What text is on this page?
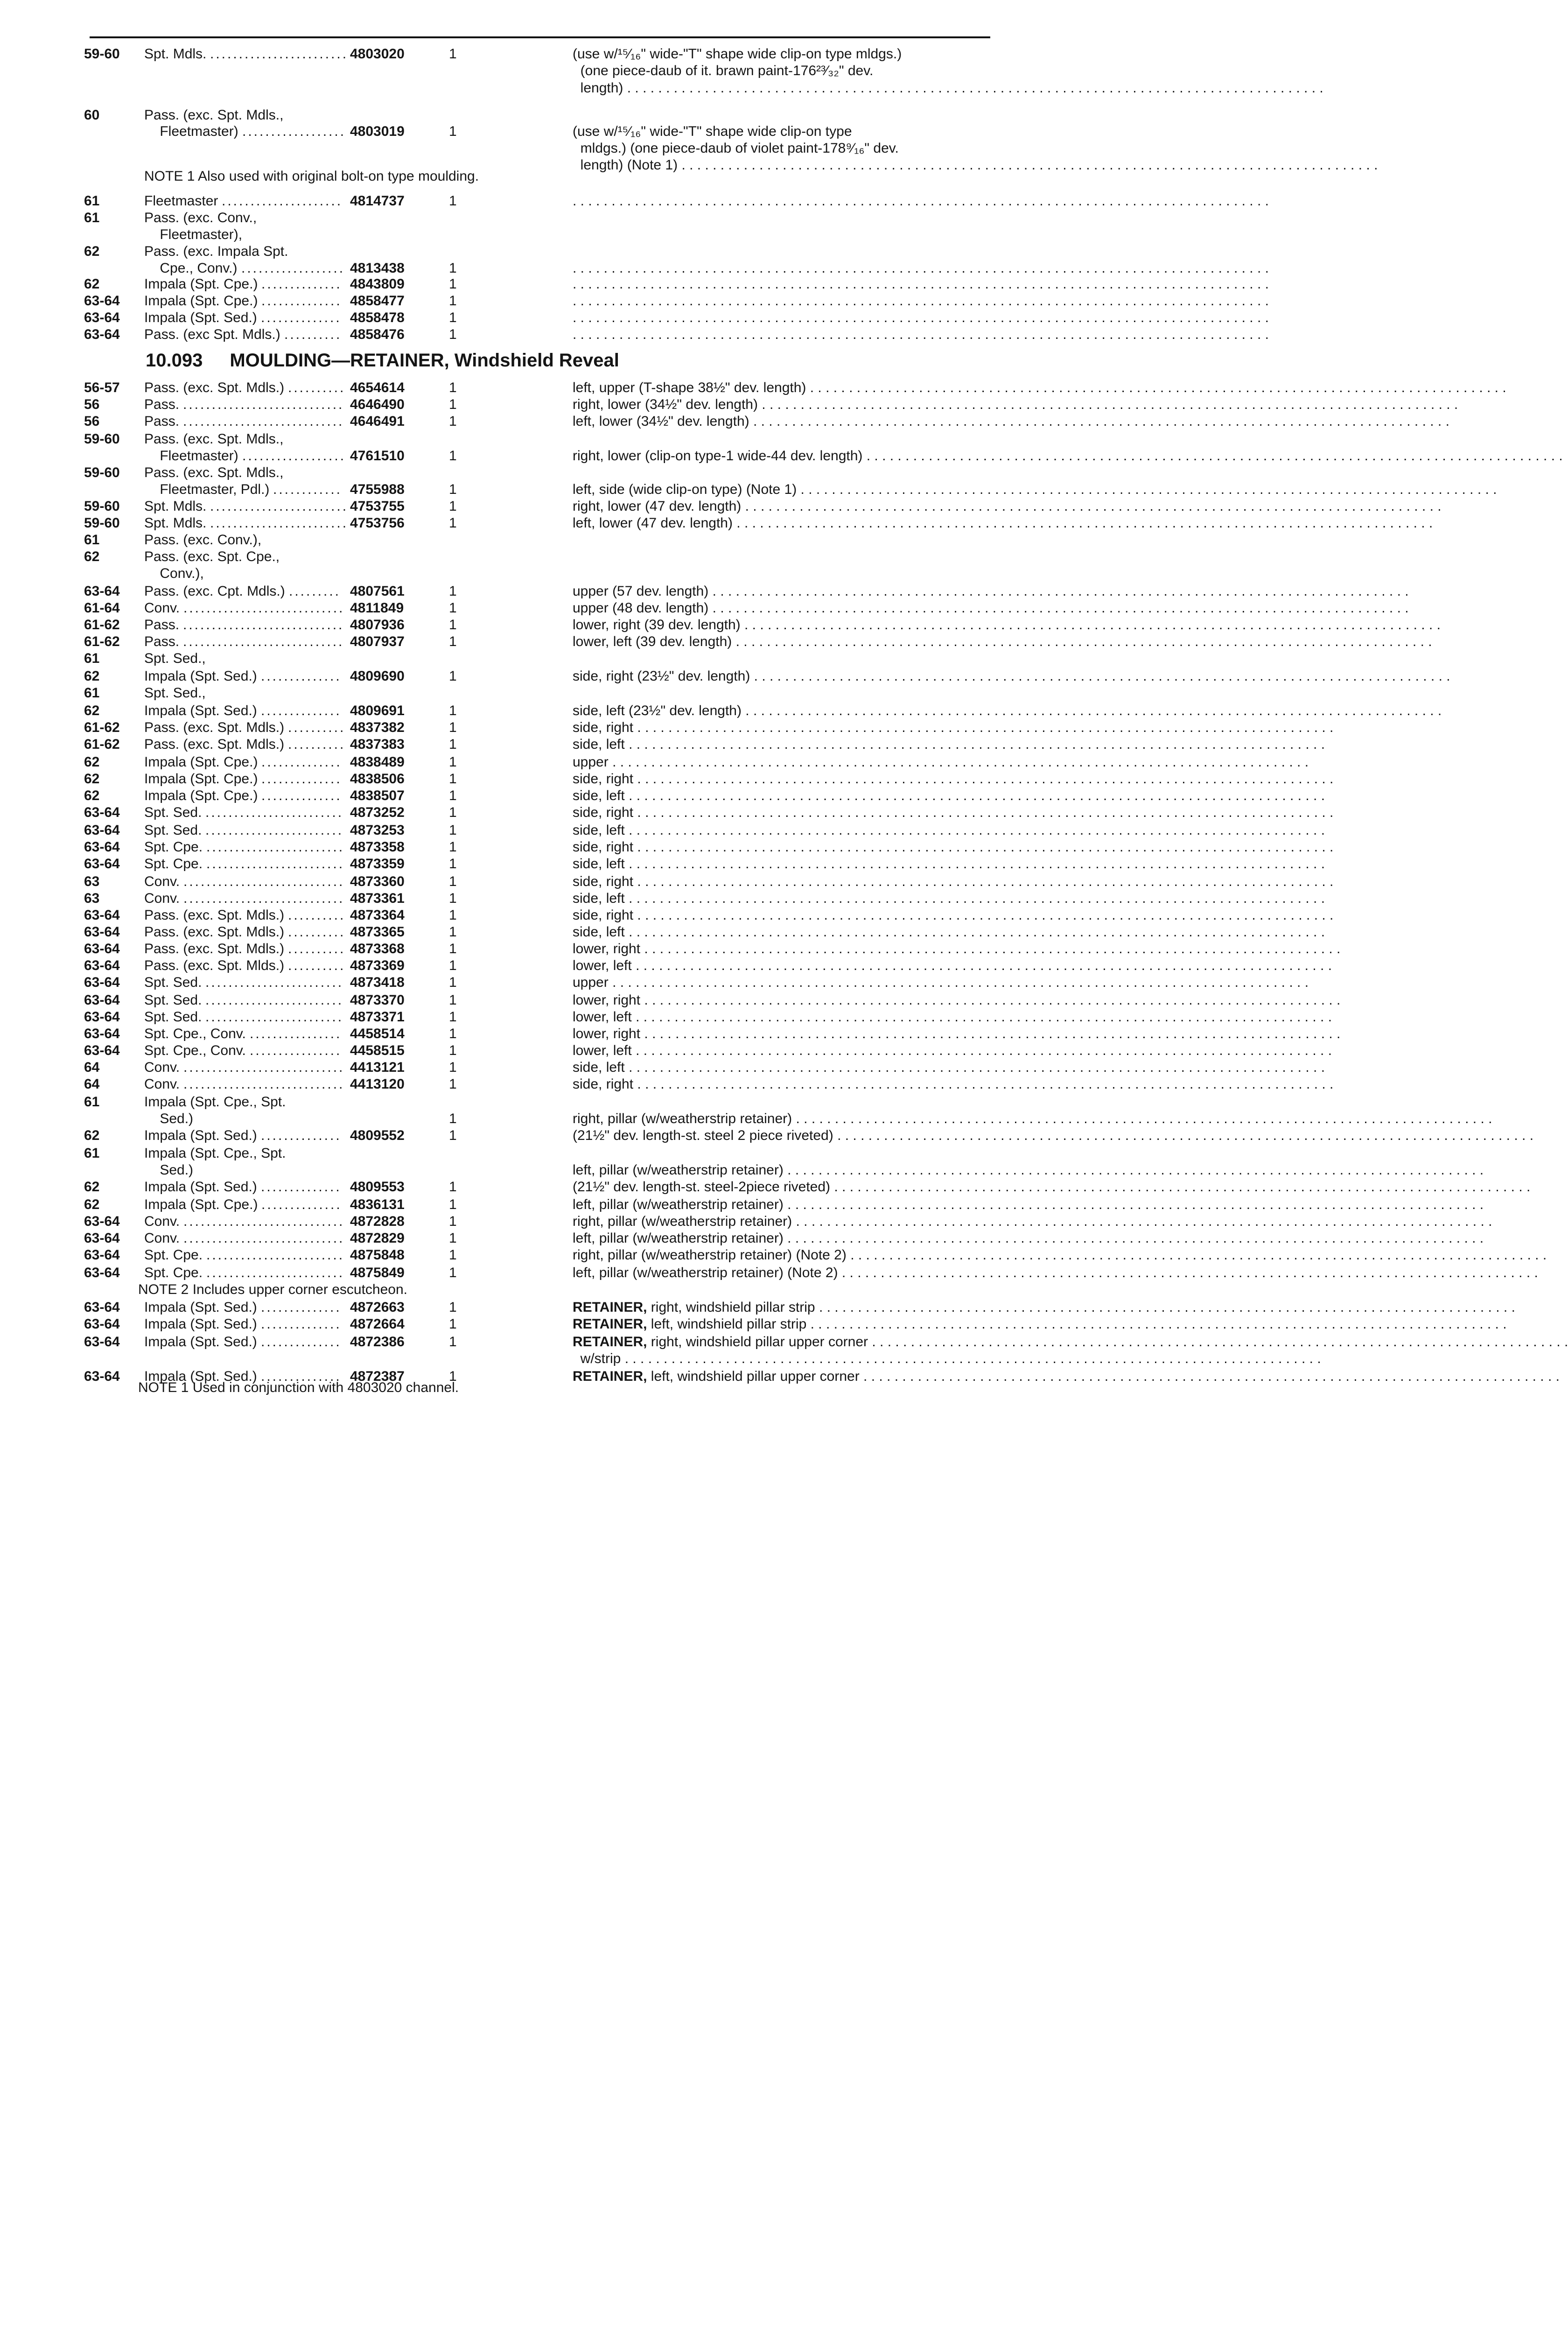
NOTE 1 Also used with original bolt-on type moulding.
10.093 MOULDING—RETAINER, Windshield Reveal
NOTE 2 Includes upper corner escutcheon.
NOTE 1 Used in conjunction with 4803020 channel.
59-60 Spt. Mdls. ........................ 4803020	1	(use w/¹⁵⁄₁₆" wide-"T" shape wide clip-on type mldgs.)
(one piece-daub of it. brawn paint-176²³⁄₃₂" dev.
length) . . . . . . . . . . . . . . . . . . . . . . . . . . . . . . . . . . . . . . . . . . . . . . . . . . . . . . . . . . . . . . . . . . . . . . . . . . . . . . . . . . . . . . . . . .
60	Pass. (exc. Spt. Mdls.,
Fleetmaster) .................. 4803019	1	(use w/¹⁵⁄₁₆" wide-"T" shape wide clip-on type
mldgs.) (one piece-daub of violet paint-178⁹⁄₁₆" dev.
length) (Note 1) . . . . . . . . . . . . . . . . . . . . . . . . . . . . . . . . . . . . . . . . . . . . . . . . . . . . . . . . . . . . . . . . . . . . . . . . . . . . . . . . . . . . . . . . . .
61	Fleetmaster ..................... 4814737	1	. . . . . . . . . . . . . . . . . . . . . . . . . . . . . . . . . . . . . . . . . . . . . . . . . . . . . . . . . . . . . . . . . . . . . . . . . . . . . . . . . . . . . . . . . .
61	Pass. (exc. Conv.,
Fleetmaster),
62	Pass. (exc. Impala Spt.
Cpe., Conv.) .................. 4813438	1	. . . . . . . . . . . . . . . . . . . . . . . . . . . . . . . . . . . . . . . . . . . . . . . . . . . . . . . . . . . . . . . . . . . . . . . . . . . . . . . . . . . . . . . . . .
62	Impala (Spt. Cpe.) .............. 4843809	1	. . . . . . . . . . . . . . . . . . . . . . . . . . . . . . . . . . . . . . . . . . . . . . . . . . . . . . . . . . . . . . . . . . . . . . . . . . . . . . . . . . . . . . . . . .
63-64 Impala (Spt. Cpe.) .............. 4858477	1	. . . . . . . . . . . . . . . . . . . . . . . . . . . . . . . . . . . . . . . . . . . . . . . . . . . . . . . . . . . . . . . . . . . . . . . . . . . . . . . . . . . . . . . . . .
63-64 Impala (Spt. Sed.) .............. 4858478	1	. . . . . . . . . . . . . . . . . . . . . . . . . . . . . . . . . . . . . . . . . . . . . . . . . . . . . . . . . . . . . . . . . . . . . . . . . . . . . . . . . . . . . . . . . .
63-64 Pass. (exc Spt. Mdls.) .......... 4858476	1	. . . . . . . . . . . . . . . . . . . . . . . . . . . . . . . . . . . . . . . . . . . . . . . . . . . . . . . . . . . . . . . . . . . . . . . . . . . . . . . . . . . . . . . . . .
56-57 Pass. (exc. Spt. Mdls.) .......... 4654614	1	left, upper (T-shape 38½" dev. length) . . . . . . . . . . . . . . . . . . . . . . . . . . . . . . . . . . . . . . . . . . . . . . . . . . . . . . . . . . . . . . . . . . . . . . . . . . . . . . . . . . . . . . . . . .
56	Pass. ............................ 4646490	1	right, lower (34½" dev. length) . . . . . . . . . . . . . . . . . . . . . . . . . . . . . . . . . . . . . . . . . . . . . . . . . . . . . . . . . . . . . . . . . . . . . . . . . . . . . . . . . . . . . . . . . .
56	Pass. ............................ 4646491	1	left, lower (34½" dev. length) . . . . . . . . . . . . . . . . . . . . . . . . . . . . . . . . . . . . . . . . . . . . . . . . . . . . . . . . . . . . . . . . . . . . . . . . . . . . . . . . . . . . . . . . . .
59-60 Pass. (exc. Spt. Mdls.,
Fleetmaster) .................. 4761510	1	right, lower (clip-on type-1 wide-44 dev. length) . . . . . . . . . . . . . . . . . . . . . . . . . . . . . . . . . . . . . . . . . . . . . . . . . . . . . . . . . . . . . . . . . . . . . . . . . . . . . . . . . . . . . . . . . .
59-60 Pass. (exc. Spt. Mdls.,
Fleetmaster, Pdl.) ............ 4755988	1	left, side (wide clip-on type) (Note 1) . . . . . . . . . . . . . . . . . . . . . . . . . . . . . . . . . . . . . . . . . . . . . . . . . . . . . . . . . . . . . . . . . . . . . . . . . . . . . . . . . . . . . . . . . .
59-60 Spt. Mdls. ........................ 4753755	1	right, lower (47 dev. length) . . . . . . . . . . . . . . . . . . . . . . . . . . . . . . . . . . . . . . . . . . . . . . . . . . . . . . . . . . . . . . . . . . . . . . . . . . . . . . . . . . . . . . . . . .
59-60 Spt. Mdls. ........................ 4753756	1	left, lower (47 dev. length) . . . . . . . . . . . . . . . . . . . . . . . . . . . . . . . . . . . . . . . . . . . . . . . . . . . . . . . . . . . . . . . . . . . . . . . . . . . . . . . . . . . . . . . . . .
61	Pass. (exc. Conv.),
62	Pass. (exc. Spt. Cpe.,
Conv.),
63-64 Pass. (exc. Cpt. Mdls.) ......... 4807561	1	upper (57 dev. length) . . . . . . . . . . . . . . . . . . . . . . . . . . . . . . . . . . . . . . . . . . . . . . . . . . . . . . . . . . . . . . . . . . . . . . . . . . . . . . . . . . . . . . . . . .
61-64 Conv. ............................ 4811849	1	upper (48 dev. length) . . . . . . . . . . . . . . . . . . . . . . . . . . . . . . . . . . . . . . . . . . . . . . . . . . . . . . . . . . . . . . . . . . . . . . . . . . . . . . . . . . . . . . . . . .
61-62 Pass. ............................ 4807936	1	lower, right (39 dev. length) . . . . . . . . . . . . . . . . . . . . . . . . . . . . . . . . . . . . . . . . . . . . . . . . . . . . . . . . . . . . . . . . . . . . . . . . . . . . . . . . . . . . . . . . . .
61-62 Pass. ............................ 4807937	1	lower, left (39 dev. length) . . . . . . . . . . . . . . . . . . . . . . . . . . . . . . . . . . . . . . . . . . . . . . . . . . . . . . . . . . . . . . . . . . . . . . . . . . . . . . . . . . . . . . . . . .
61	Spt. Sed.,
62	Impala (Spt. Sed.) .............. 4809690	1	side, right (23½" dev. length) . . . . . . . . . . . . . . . . . . . . . . . . . . . . . . . . . . . . . . . . . . . . . . . . . . . . . . . . . . . . . . . . . . . . . . . . . . . . . . . . . . . . . . . . . .
61	Spt. Sed.,
62	Impala (Spt. Sed.) .............. 4809691	1	side, left (23½" dev. length) . . . . . . . . . . . . . . . . . . . . . . . . . . . . . . . . . . . . . . . . . . . . . . . . . . . . . . . . . . . . . . . . . . . . . . . . . . . . . . . . . . . . . . . . . .
61-62 Pass. (exc. Spt. Mdls.) .......... 4837382	1	side, right . . . . . . . . . . . . . . . . . . . . . . . . . . . . . . . . . . . . . . . . . . . . . . . . . . . . . . . . . . . . . . . . . . . . . . . . . . . . . . . . . . . . . . . . . .
61-62 Pass. (exc. Spt. Mdls.) .......... 4837383	1	side, left . . . . . . . . . . . . . . . . . . . . . . . . . . . . . . . . . . . . . . . . . . . . . . . . . . . . . . . . . . . . . . . . . . . . . . . . . . . . . . . . . . . . . . . . . .
62	Impala (Spt. Cpe.) .............. 4838489	1	upper . . . . . . . . . . . . . . . . . . . . . . . . . . . . . . . . . . . . . . . . . . . . . . . . . . . . . . . . . . . . . . . . . . . . . . . . . . . . . . . . . . . . . . . . . .
62	Impala (Spt. Cpe.) .............. 4838506	1	side, right . . . . . . . . . . . . . . . . . . . . . . . . . . . . . . . . . . . . . . . . . . . . . . . . . . . . . . . . . . . . . . . . . . . . . . . . . . . . . . . . . . . . . . . . . .
62	Impala (Spt. Cpe.) .............. 4838507	1	side, left . . . . . . . . . . . . . . . . . . . . . . . . . . . . . . . . . . . . . . . . . . . . . . . . . . . . . . . . . . . . . . . . . . . . . . . . . . . . . . . . . . . . . . . . . .
63-64 Spt. Sed. ........................ 4873252	1	side, right . . . . . . . . . . . . . . . . . . . . . . . . . . . . . . . . . . . . . . . . . . . . . . . . . . . . . . . . . . . . . . . . . . . . . . . . . . . . . . . . . . . . . . . . . .
63-64 Spt. Sed. ........................ 4873253	1	side, left . . . . . . . . . . . . . . . . . . . . . . . . . . . . . . . . . . . . . . . . . . . . . . . . . . . . . . . . . . . . . . . . . . . . . . . . . . . . . . . . . . . . . . . . . .
63-64 Spt. Cpe. ........................ 4873358	1	side, right . . . . . . . . . . . . . . . . . . . . . . . . . . . . . . . . . . . . . . . . . . . . . . . . . . . . . . . . . . . . . . . . . . . . . . . . . . . . . . . . . . . . . . . . . .
63-64 Spt. Cpe. ........................ 4873359	1	side, left . . . . . . . . . . . . . . . . . . . . . . . . . . . . . . . . . . . . . . . . . . . . . . . . . . . . . . . . . . . . . . . . . . . . . . . . . . . . . . . . . . . . . . . . . .
63	Conv. ............................ 4873360	1	side, right . . . . . . . . . . . . . . . . . . . . . . . . . . . . . . . . . . . . . . . . . . . . . . . . . . . . . . . . . . . . . . . . . . . . . . . . . . . . . . . . . . . . . . . . . .
63	Conv. ............................ 4873361	1	side, left . . . . . . . . . . . . . . . . . . . . . . . . . . . . . . . . . . . . . . . . . . . . . . . . . . . . . . . . . . . . . . . . . . . . . . . . . . . . . . . . . . . . . . . . . .
63-64 Pass. (exc. Spt. Mdls.) .......... 4873364	1	side, right . . . . . . . . . . . . . . . . . . . . . . . . . . . . . . . . . . . . . . . . . . . . . . . . . . . . . . . . . . . . . . . . . . . . . . . . . . . . . . . . . . . . . . . . . .
63-64 Pass. (exc. Spt. Mdls.) .......... 4873365	1	side, left . . . . . . . . . . . . . . . . . . . . . . . . . . . . . . . . . . . . . . . . . . . . . . . . . . . . . . . . . . . . . . . . . . . . . . . . . . . . . . . . . . . . . . . . . .
63-64 Pass. (exc. Spt. Mdls.) .......... 4873368	1	lower, right . . . . . . . . . . . . . . . . . . . . . . . . . . . . . . . . . . . . . . . . . . . . . . . . . . . . . . . . . . . . . . . . . . . . . . . . . . . . . . . . . . . . . . . . . .
63-64 Pass. (exc. Spt. Mlds.) .......... 4873369	1	lower, left . . . . . . . . . . . . . . . . . . . . . . . . . . . . . . . . . . . . . . . . . . . . . . . . . . . . . . . . . . . . . . . . . . . . . . . . . . . . . . . . . . . . . . . . . .
63-64 Spt. Sed. ........................ 4873418	1	upper . . . . . . . . . . . . . . . . . . . . . . . . . . . . . . . . . . . . . . . . . . . . . . . . . . . . . . . . . . . . . . . . . . . . . . . . . . . . . . . . . . . . . . . . . .
63-64 Spt. Sed. ........................ 4873370	1	lower, right . . . . . . . . . . . . . . . . . . . . . . . . . . . . . . . . . . . . . . . . . . . . . . . . . . . . . . . . . . . . . . . . . . . . . . . . . . . . . . . . . . . . . . . . . .
63-64 Spt. Sed. ........................ 4873371	1	lower, left . . . . . . . . . . . . . . . . . . . . . . . . . . . . . . . . . . . . . . . . . . . . . . . . . . . . . . . . . . . . . . . . . . . . . . . . . . . . . . . . . . . . . . . . . .
63-64 Spt. Cpe., Conv. ................ 4458514	1	lower, right . . . . . . . . . . . . . . . . . . . . . . . . . . . . . . . . . . . . . . . . . . . . . . . . . . . . . . . . . . . . . . . . . . . . . . . . . . . . . . . . . . . . . . . . . .
63-64 Spt. Cpe., Conv. ................ 4458515	1	lower, left . . . . . . . . . . . . . . . . . . . . . . . . . . . . . . . . . . . . . . . . . . . . . . . . . . . . . . . . . . . . . . . . . . . . . . . . . . . . . . . . . . . . . . . . . .
64	Conv. ............................ 4413121	1	side, left . . . . . . . . . . . . . . . . . . . . . . . . . . . . . . . . . . . . . . . . . . . . . . . . . . . . . . . . . . . . . . . . . . . . . . . . . . . . . . . . . . . . . . . . . .
64	Conv. ............................ 4413120	1	side, right . . . . . . . . . . . . . . . . . . . . . . . . . . . . . . . . . . . . . . . . . . . . . . . . . . . . . . . . . . . . . . . . . . . . . . . . . . . . . . . . . . . . . . . . . .
61	Impala (Spt. Cpe., Spt.
Sed.)	1	right, pillar (w/weatherstrip retainer) . . . . . . . . . . . . . . . . . . . . . . . . . . . . . . . . . . . . . . . . . . . . . . . . . . . . . . . . . . . . . . . . . . . . . . . . . . . . . . . . . . . . . . . . . .
62	Impala (Spt. Sed.) .............. 4809552	1	(21½" dev. length-st. steel 2 piece riveted) . . . . . . . . . . . . . . . . . . . . . . . . . . . . . . . . . . . . . . . . . . . . . . . . . . . . . . . . . . . . . . . . . . . . . . . . . . . . . . . . . . . . . . . . . .
61	Impala (Spt. Cpe., Spt.
Sed.)	left, pillar (w/weatherstrip retainer) . . . . . . . . . . . . . . . . . . . . . . . . . . . . . . . . . . . . . . . . . . . . . . . . . . . . . . . . . . . . . . . . . . . . . . . . . . . . . . . . . . . . . . . . . .
62	Impala (Spt. Sed.) .............. 4809553	1	(21½" dev. length-st. steel-2piece riveted) . . . . . . . . . . . . . . . . . . . . . . . . . . . . . . . . . . . . . . . . . . . . . . . . . . . . . . . . . . . . . . . . . . . . . . . . . . . . . . . . . . . . . . . . . .
62	Impala (Spt. Cpe.) .............. 4836131	1	left, pillar (w/weatherstrip retainer) . . . . . . . . . . . . . . . . . . . . . . . . . . . . . . . . . . . . . . . . . . . . . . . . . . . . . . . . . . . . . . . . . . . . . . . . . . . . . . . . . . . . . . . . . .
63-64 Conv. ............................ 4872828	1	right, pillar (w/weatherstrip retainer) . . . . . . . . . . . . . . . . . . . . . . . . . . . . . . . . . . . . . . . . . . . . . . . . . . . . . . . . . . . . . . . . . . . . . . . . . . . . . . . . . . . . . . . . . .
63-64 Conv. ............................ 4872829	1	left, pillar (w/weatherstrip retainer) . . . . . . . . . . . . . . . . . . . . . . . . . . . . . . . . . . . . . . . . . . . . . . . . . . . . . . . . . . . . . . . . . . . . . . . . . . . . . . . . . . . . . . . . . .
63-64 Spt. Cpe. ........................ 4875848	1	right, pillar (w/weatherstrip retainer) (Note 2) . . . . . . . . . . . . . . . . . . . . . . . . . . . . . . . . . . . . . . . . . . . . . . . . . . . . . . . . . . . . . . . . . . . . . . . . . . . . . . . . . . . . . . . . . .
63-64 Spt. Cpe. ........................ 4875849	1	left, pillar (w/weatherstrip retainer) (Note 2) . . . . . . . . . . . . . . . . . . . . . . . . . . . . . . . . . . . . . . . . . . . . . . . . . . . . . . . . . . . . . . . . . . . . . . . . . . . . . . . . . . . . . . . . . .
63-64 Impala (Spt. Sed.) .............. 4872663	1	RETAINER, right, windshield pillar strip . . . . . . . . . . . . . . . . . . . . . . . . . . . . . . . . . . . . . . . . . . . . . . . . . . . . . . . . . . . . . . . . . . . . . . . . . . . . . . . . . . . . . . . . . .
63-64 Impala (Spt. Sed.) .............. 4872664	1	RETAINER, left, windshield pillar strip . . . . . . . . . . . . . . . . . . . . . . . . . . . . . . . . . . . . . . . . . . . . . . . . . . . . . . . . . . . . . . . . . . . . . . . . . . . . . . . . . . . . . . . . . .
63-64 Impala (Spt. Sed.) .............. 4872386	1	RETAINER, right, windshield pillar upper corner . . . . . . . . . . . . . . . . . . . . . . . . . . . . . . . . . . . . . . . . . . . . . . . . . . . . . . . . . . . . . . . . . . . . . . . . . . . . . . . . . . . . . . . . . .
w/strip . . . . . . . . . . . . . . . . . . . . . . . . . . . . . . . . . . . . . . . . . . . . . . . . . . . . . . . . . . . . . . . . . . . . . . . . . . . . . . . . . . . . . . . . . .
63-64 Impala (Spt. Sed.) .............. 4872387	1	RETAINER, left, windshield pillar upper corner . . . . . . . . . . . . . . . . . . . . . . . . . . . . . . . . . . . . . . . . . . . . . . . . . . . . . . . . . . . . . . . . . . . . . . . . . . . . . . . . . . . . . . . . . .
